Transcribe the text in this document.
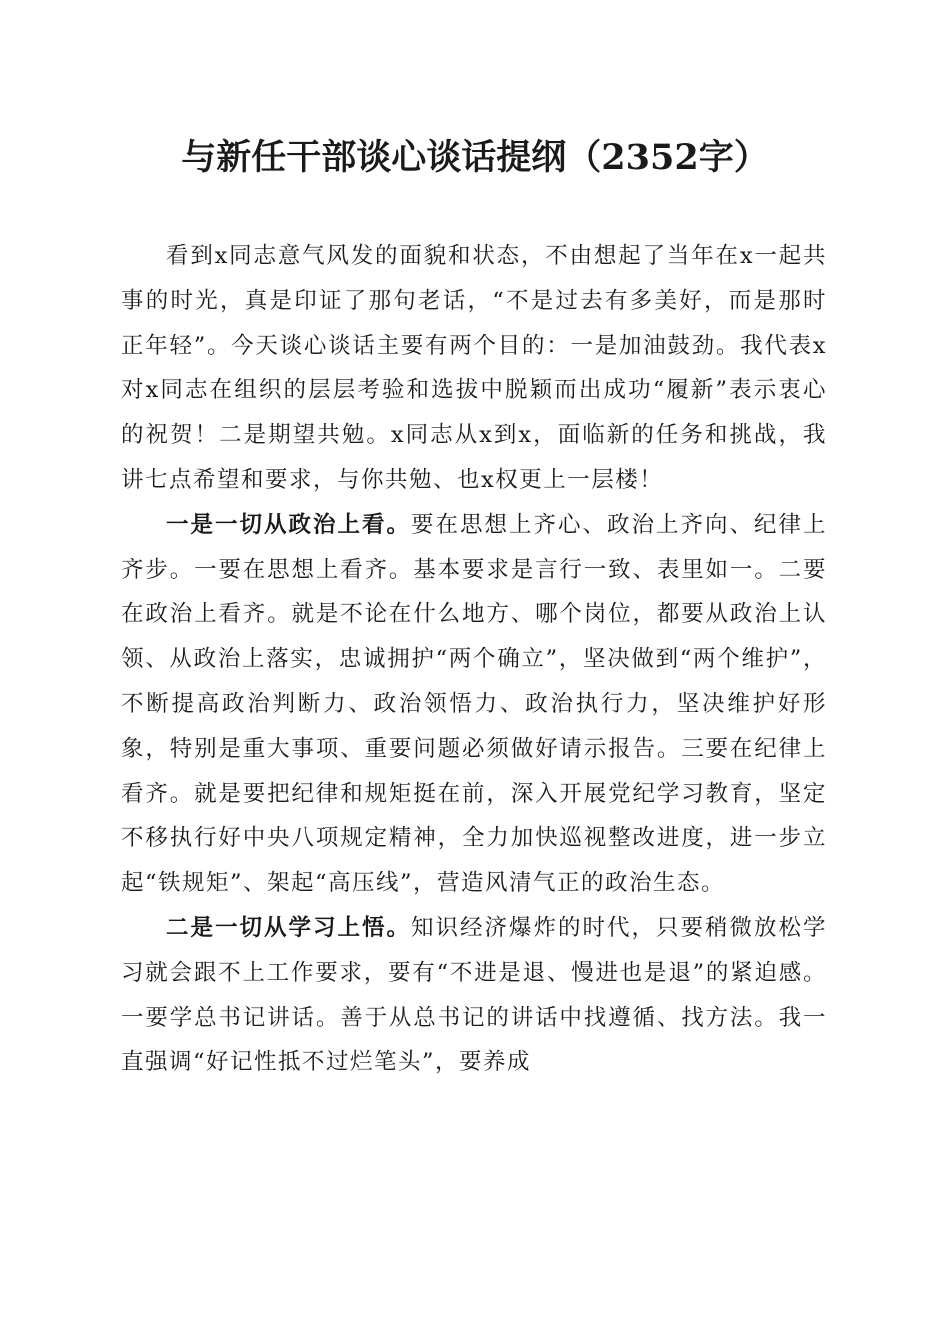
与新任干部谈心谈话提纲（2352字）

看到x同志意气风发的面貌和状态，不由想起了当年在x一起共事的时光，真是印证了那句老话，“不是过去有多美好，而是那时正年轻”。今天谈心谈话主要有两个目的：一是加油鼓劲。我代表x对x同志在组织的层层考验和选拔中脱颖而出成功“履新”表示衷心的祝贺！二是期望共勉。x同志从x到x，面临新的任务和挑战，我讲七点希望和要求，与你共勉、也x权更上一层楼！

一是一切从政治上看。要在思想上齐心、政治上齐向、纪律上齐步。一要在思想上看齐。基本要求是言行一致、表里如一。二要在政治上看齐。就是不论在什么地方、哪个岗位，都要从政治上认领、从政治上落实，忠诚拥护“两个确立”，坚决做到“两个维护”，不断提高政治判断力、政治领悟力、政治执行力，坚决维护好形象，特别是重大事项、重要问题必须做好请示报告。三要在纪律上看齐。就是要把纪律和规矩挺在前，深入开展党纪学习教育，坚定不移执行好中央八项规定精神，全力加快巡视整改进度，进一步立起“铁规矩”、架起“高压线”，营造风清气正的政治生态。

二是一切从学习上悟。知识经济爆炸的时代，只要稍微放松学习就会跟不上工作要求，要有“不进是退、慢进也是退”的紧迫感。一要学总书记讲话。善于从总书记的讲话中找遵循、找方法。我一直强调“好记性抵不过烂笔头”，要养成
